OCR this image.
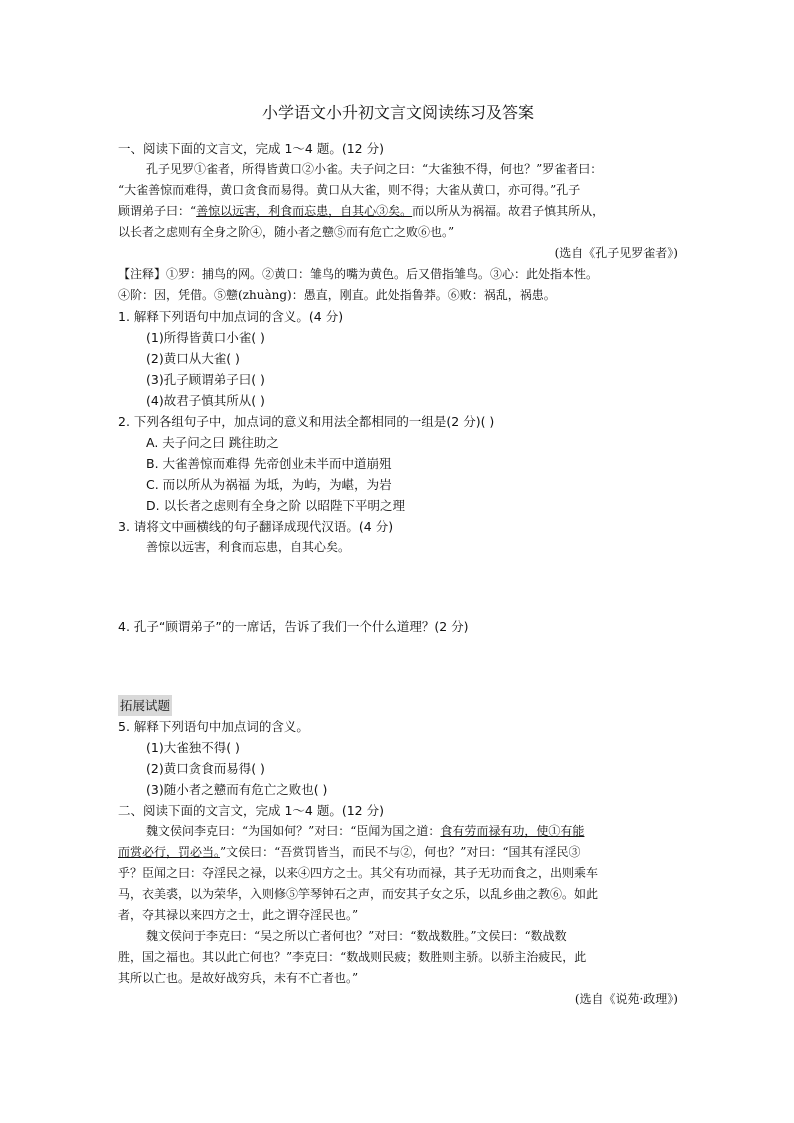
小学语文小升初文言文阅读练习及答案
一、阅读下面的文言文，完成 1～4 题。(12 分)
孔子见罗①雀者，所得皆黄口②小雀。夫子问之曰：“大雀独不得，何也？”罗雀者曰：
“大雀善惊而难得，黄口贪食而易得。黄口从大雀，则不得；大雀从黄口，亦可得。”孔子
顾谓弟子曰：“善惊以远害，利食而忘患，自其心③矣。而以所从为祸福。故君子慎其所从，
以长者之虑则有全身之阶④，随小者之戆⑤而有危亡之败⑥也。”
(选自《孔子见罗雀者》)
【注释】①罗：捕鸟的网。②黄口：雏鸟的嘴为黄色。后又借指雏鸟。③心：此处指本性。
④阶：因，凭借。⑤戆(zhuàng)：愚直，刚直。此处指鲁莽。⑥败：祸乱，祸患。
1. 解释下列语句中加点词的含义。(4 分)
(1)所得皆黄口小雀( )
(2)黄口从大雀( )
(3)孔子顾谓弟子曰( )
(4)故君子慎其所从( )
2. 下列各组句子中，加点词的意义和用法全都相同的一组是(2 分)( )
A. 夫子问之曰 跳往助之
B. 大雀善惊而难得 先帝创业未半而中道崩殂
C. 而以所从为祸福 为坻，为屿，为嵁，为岩
D. 以长者之虑则有全身之阶 以昭陛下平明之理
3. 请将文中画横线的句子翻译成现代汉语。(4 分)
善惊以远害，利食而忘患，自其心矣。
4. 孔子“顾谓弟子”的一席话，告诉了我们一个什么道理？(2 分)
拓展试题
5. 解释下列语句中加点词的含义。
(1)大雀独不得( )
(2)黄口贪食而易得( )
(3)随小者之戆而有危亡之败也( )
二、阅读下面的文言文，完成 1～4 题。(12 分)
魏文侯问李克曰：“为国如何？”对曰：“臣闻为国之道：食有劳而禄有功，使①有能
而赏必行，罚必当。”文侯曰：“吾赏罚皆当，而民不与②，何也？”对曰：“国其有淫民③
乎？臣闻之曰：夺淫民之禄，以来④四方之士。其父有功而禄，其子无功而食之，出则乘车
马，衣美裘，以为荣华，入则修⑤竽琴钟石之声，而安其子女之乐，以乱乡曲之教⑥。如此
者，夺其禄以来四方之士，此之谓夺淫民也。”
魏文侯问于李克曰：“吴之所以亡者何也？”对曰：“数战数胜。”文侯曰：“数战数
胜，国之福也。其以此亡何也？”李克曰：“数战则民疲；数胜则主骄。以骄主治疲民，此
其所以亡也。是故好战穷兵，未有不亡者也。”
(选自《说苑·政理》)
